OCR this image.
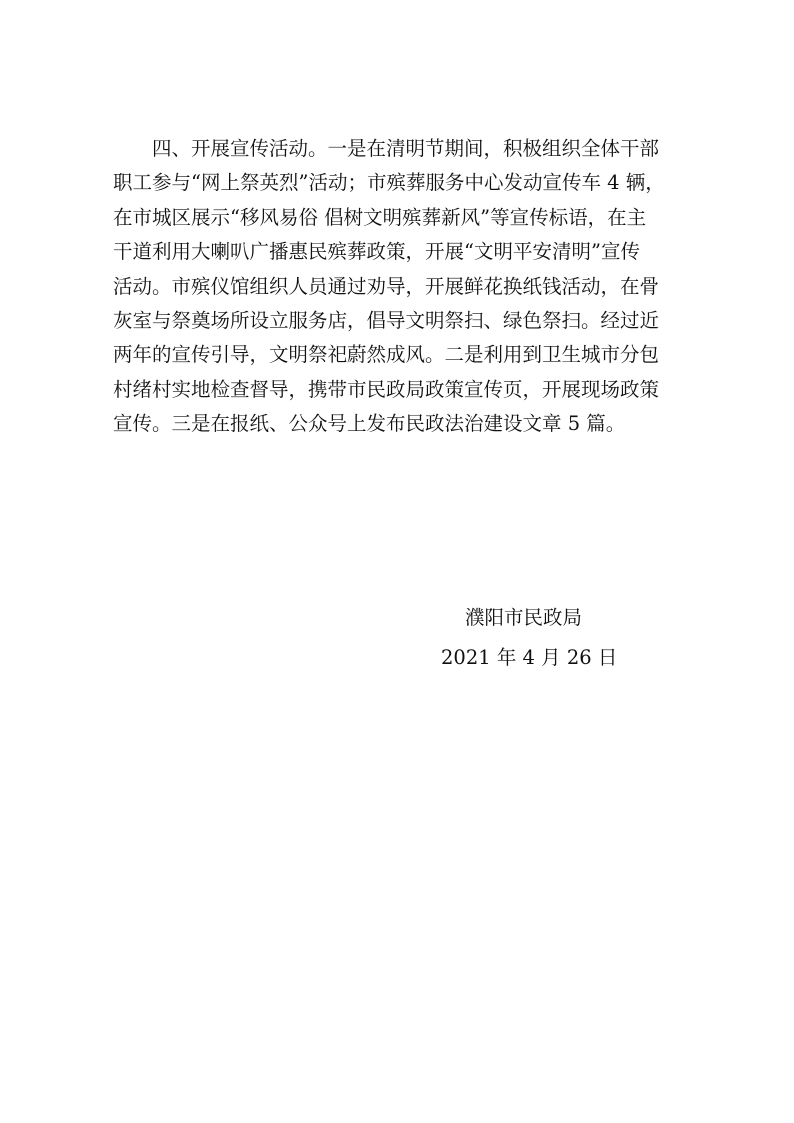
　　四、开展宣传活动。一是在清明节期间，积极组织全体干部
职工参与“网上祭英烈”活动；市殡葬服务中心发动宣传车 4 辆，
在市城区展示“移风易俗 倡树文明殡葬新风”等宣传标语，在主
干道利用大喇叭广播惠民殡葬政策，开展“文明平安清明”宣传
活动。市殡仪馆组织人员通过劝导，开展鲜花换纸钱活动，在骨
灰室与祭奠场所设立服务店，倡导文明祭扫、绿色祭扫。经过近
两年的宣传引导，文明祭祀蔚然成风。二是利用到卫生城市分包
村绪村实地检查督导，携带市民政局政策宣传页，开展现场政策
宣传。三是在报纸、公众号上发布民政法治建设文章 5 篇。

濮阳市民政局

2021 年 4 月 26 日
